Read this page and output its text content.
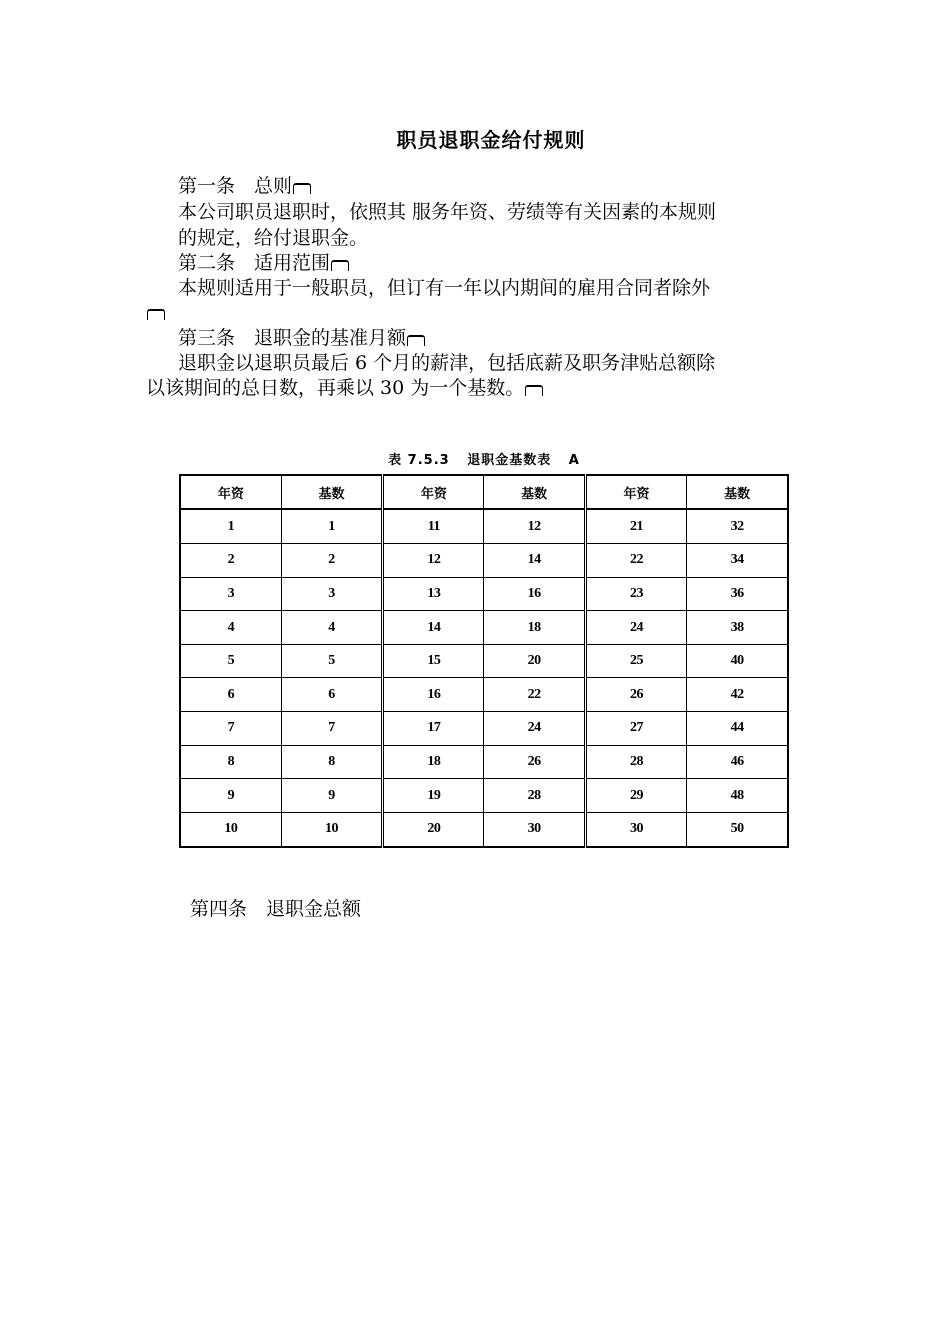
职员退职金给付规则
第一条　总则
本公司职员退职时，依照其 服务年资、劳绩等有关因素的本规则
的规定，给付退职金。
第二条　适用范围
本规则适用于一般职员，但订有一年以内期间的雇用合同者除外
第三条　退职金的基准月额
退职金以退职员最后 6 个月的薪津，包括底薪及职务津贴总额除
以该期间的总日数，再乘以 30 为一个基数。
表 7.5.3 退职金基数表 A
年资	基数	年资	基数	年资	基数
1	1	11	12	21	32
2	2	12	14	22	34
3	3	13	16	23	36
4	4	14	18	24	38
5	5	15	20	25	40
6	6	16	22	26	42
7	7	17	24	27	44
8	8	18	26	28	46
9	9	19	28	29	48
10	10	20	30	30	50
第四条　退职金总额
